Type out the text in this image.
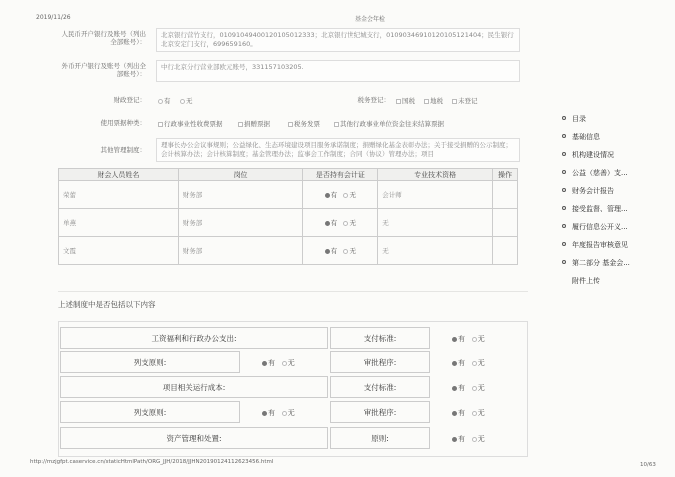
2019/11/26	基金会年检
人民币开户银行及账号（列出全部账号）：
北京银行营竹支行，01091049400120105012333；北京银行世纪城支行，01090346910120105121404；民生银行北京安定门支行，699659160。
外币开户银行及账号（列出全部账号）：
中行北京分行营业部欧元账号，331157103205.
财政登记：	有	无	税务登记：	国税	地税	未登记
使用票据种类：	行政事业性收费票据	捐赠票据	税务发票	其他行政事业单位资金往来结算票据
其他管理制度：
理事长办公会议事规则；公益绿化、生态环境建设项目服务承诺制度；捐赠绿化基金表彰办法；关于接受捐赠的公示制度；会计核算办法；会计核算制度；基金管理办法；监事会工作制度；合同（协议）管理办法；项目
财会人员姓名	岗位	是否持有会计证	专业技术资格	操作
荣蕾	财务部	有 无	会计师	
单燕	财务部	有 无	无	
文霞	财务部	有 无	无	
上述制度中是否包括以下内容
工资福利和行政办公支出:	支付标准:	有 无
列支原则:	有 无	审批程序:	有 无
项目相关运行成本:	支付标准:	有 无
列支原则:	有 无	审批程序:	有 无
资产管理和处置:	原则:	有 无
目录
基础信息
机构建设情况
公益（慈善）支...
财务会计报告
接受监督、管理...
履行信息公开义...
年度报告审核意见
第二部分 基金会...
附件上传
http://mzjgfpt.caservice.cn/staticHtmlPath/ORG_JJH/2018/JJHN20190124112623456.html	10/63
